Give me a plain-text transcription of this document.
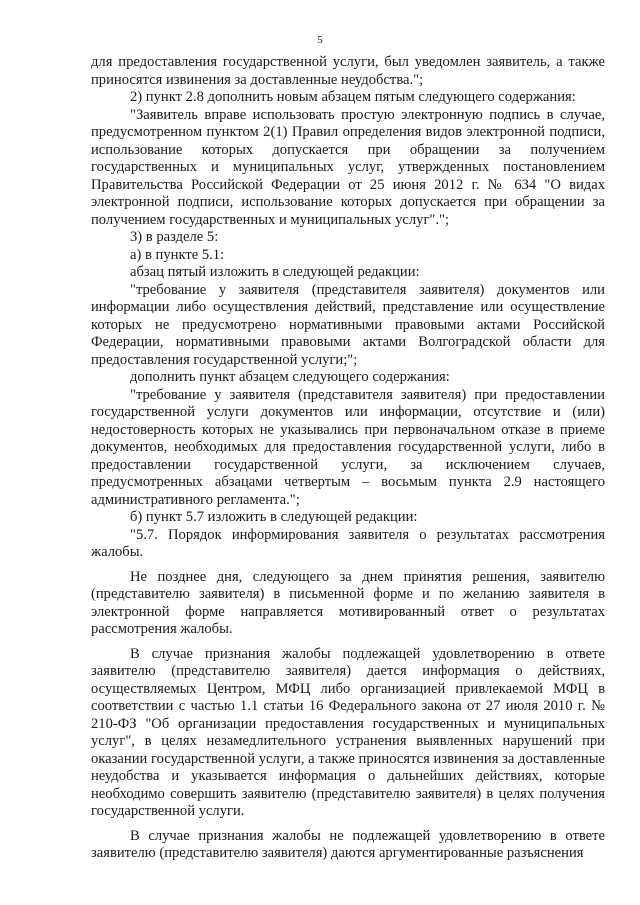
5

для предоставления государственной услуги, был уведомлен заявитель, а также приносятся извинения за доставленные неудобства.";

2) пункт 2.8 дополнить новым абзацем пятым следующего содержания:

"Заявитель вправе использовать простую электронную подпись в случае, предусмотренном пунктом 2(1) Правил определения видов электронной подписи, использование которых допускается при обращении за получением государственных и муниципальных услуг, утвержденных постановлением Правительства Российской Федерации от 25 июня 2012 г. № 634 "О видах электронной подписи, использование которых допускается при обращении за получением государственных и муниципальных услуг".";

3) в разделе 5:

а) в пункте 5.1:

абзац пятый изложить в следующей редакции:

"требование у заявителя (представителя заявителя) документов или информации либо осуществления действий, представление или осуществление которых не предусмотрено нормативными правовыми актами Российской Федерации, нормативными правовыми актами Волгоградской области для предоставления государственной услуги;";

дополнить пункт абзацем следующего содержания:

"требование у заявителя (представителя заявителя) при предоставлении государственной услуги документов или информации, отсутствие и (или) недостоверность которых не указывались при первоначальном отказе в приеме документов, необходимых для предоставления государственной услуги, либо в предоставлении государственной услуги, за исключением случаев, предусмотренных абзацами четвертым – восьмым пункта 2.9 настоящего административного регламента.";

б) пункт 5.7 изложить в следующей редакции:

"5.7. Порядок информирования заявителя о результатах рассмотрения жалобы.

Не позднее дня, следующего за днем принятия решения, заявителю (представителю заявителя) в письменной форме и по желанию заявителя в электронной форме направляется мотивированный ответ о результатах рассмотрения жалобы.

В случае признания жалобы подлежащей удовлетворению в ответе заявителю (представителю заявителя) дается информация о действиях, осуществляемых Центром, МФЦ либо организацией привлекаемой МФЦ в соответствии с частью 1.1 статьи 16 Федерального закона от 27 июля 2010 г. № 210-ФЗ "Об организации предоставления государственных и муниципальных услуг", в целях незамедлительного устранения выявленных нарушений при оказании государственной услуги, а также приносятся извинения за доставленные неудобства и указывается информация о дальнейших действиях, которые необходимо совершить заявителю (представителю заявителя) в целях получения государственной услуги.

В случае признания жалобы не подлежащей удовлетворению в ответе заявителю (представителю заявителя) даются аргументированные разъяснения
